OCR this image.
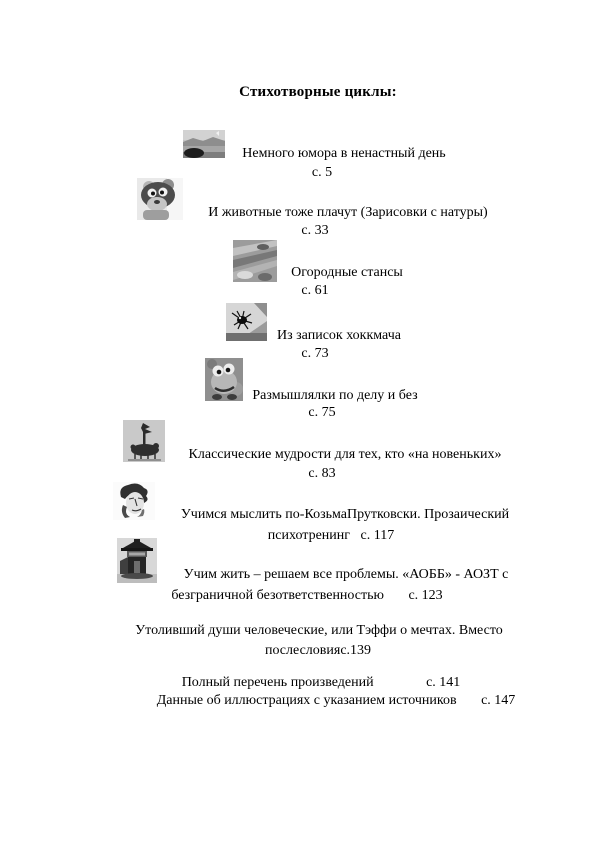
Стихотворные циклы:
Немного юмора в ненастный день
с. 5
И животные тоже плачут (Зарисовки с натуры)
с. 33
Огородные стансы
с. 61
Из записок хоккмача
с. 73
Размышлялки по делу и без
с. 75
Классические мудрости для тех, кто «на новеньких»
с. 83
Учимся мыслить по-КозьмаПрутковски. Прозаический
психотренинг   с. 117
Учим жить – решаем все проблемы. «АОББ» - АОЗТ с
безграничной безответственностью       с. 123
Утоливший души человеческие, или Тэффи о мечтах. Вместо
послесловияс.139
Полный перечень произведений               с. 141
Данные об иллюстрациях с указанием источников       с. 147
